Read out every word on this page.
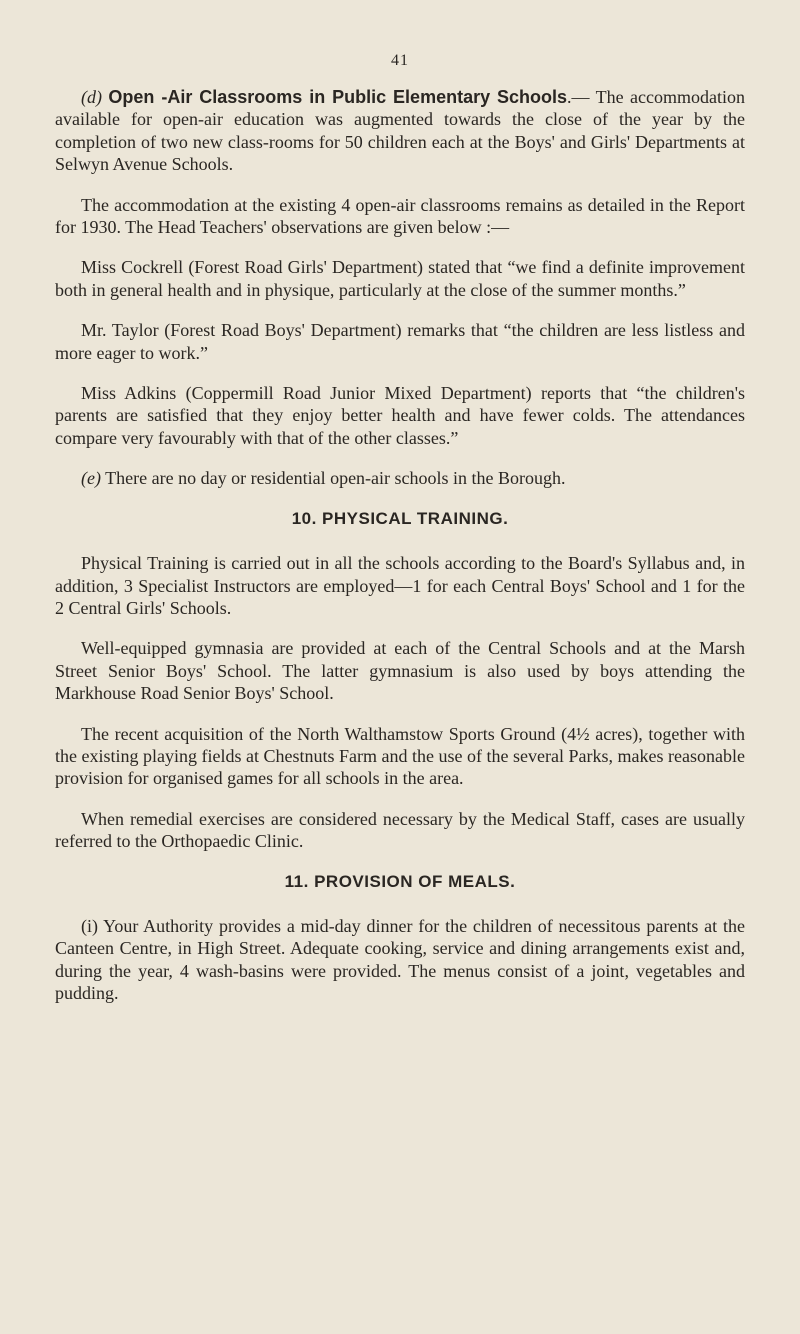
41

(d) Open -Air Classrooms in Public Elementary Schools.— The accommodation available for open-air education was augmented towards the close of the year by the completion of two new class-rooms for 50 children each at the Boys' and Girls' Departments at Selwyn Avenue Schools.

The accommodation at the existing 4 open-air classrooms remains as detailed in the Report for 1930. The Head Teachers' observations are given below :—

Miss Cockrell (Forest Road Girls' Department) stated that “we find a definite improvement both in general health and in physique, particularly at the close of the summer months.”

Mr. Taylor (Forest Road Boys' Department) remarks that “the children are less listless and more eager to work.”

Miss Adkins (Coppermill Road Junior Mixed Department) reports that “the children's parents are satisfied that they enjoy better health and have fewer colds. The attendances compare very favourably with that of the other classes.”

(e) There are no day or residential open-air schools in the Borough.

10. PHYSICAL TRAINING.

Physical Training is carried out in all the schools according to the Board's Syllabus and, in addition, 3 Specialist Instructors are employed—1 for each Central Boys' School and 1 for the 2 Central Girls' Schools.

Well-equipped gymnasia are provided at each of the Central Schools and at the Marsh Street Senior Boys' School. The latter gymnasium is also used by boys attending the Markhouse Road Senior Boys' School.

The recent acquisition of the North Walthamstow Sports Ground (4½ acres), together with the existing playing fields at Chestnuts Farm and the use of the several Parks, makes reasonable provision for organised games for all schools in the area.

When remedial exercises are considered necessary by the Medical Staff, cases are usually referred to the Orthopaedic Clinic.

11. PROVISION OF MEALS.

(i) Your Authority provides a mid-day dinner for the children of necessitous parents at the Canteen Centre, in High Street. Adequate cooking, service and dining arrangements exist and, during the year, 4 wash-basins were provided. The menus consist of a joint, vegetables and pudding.
